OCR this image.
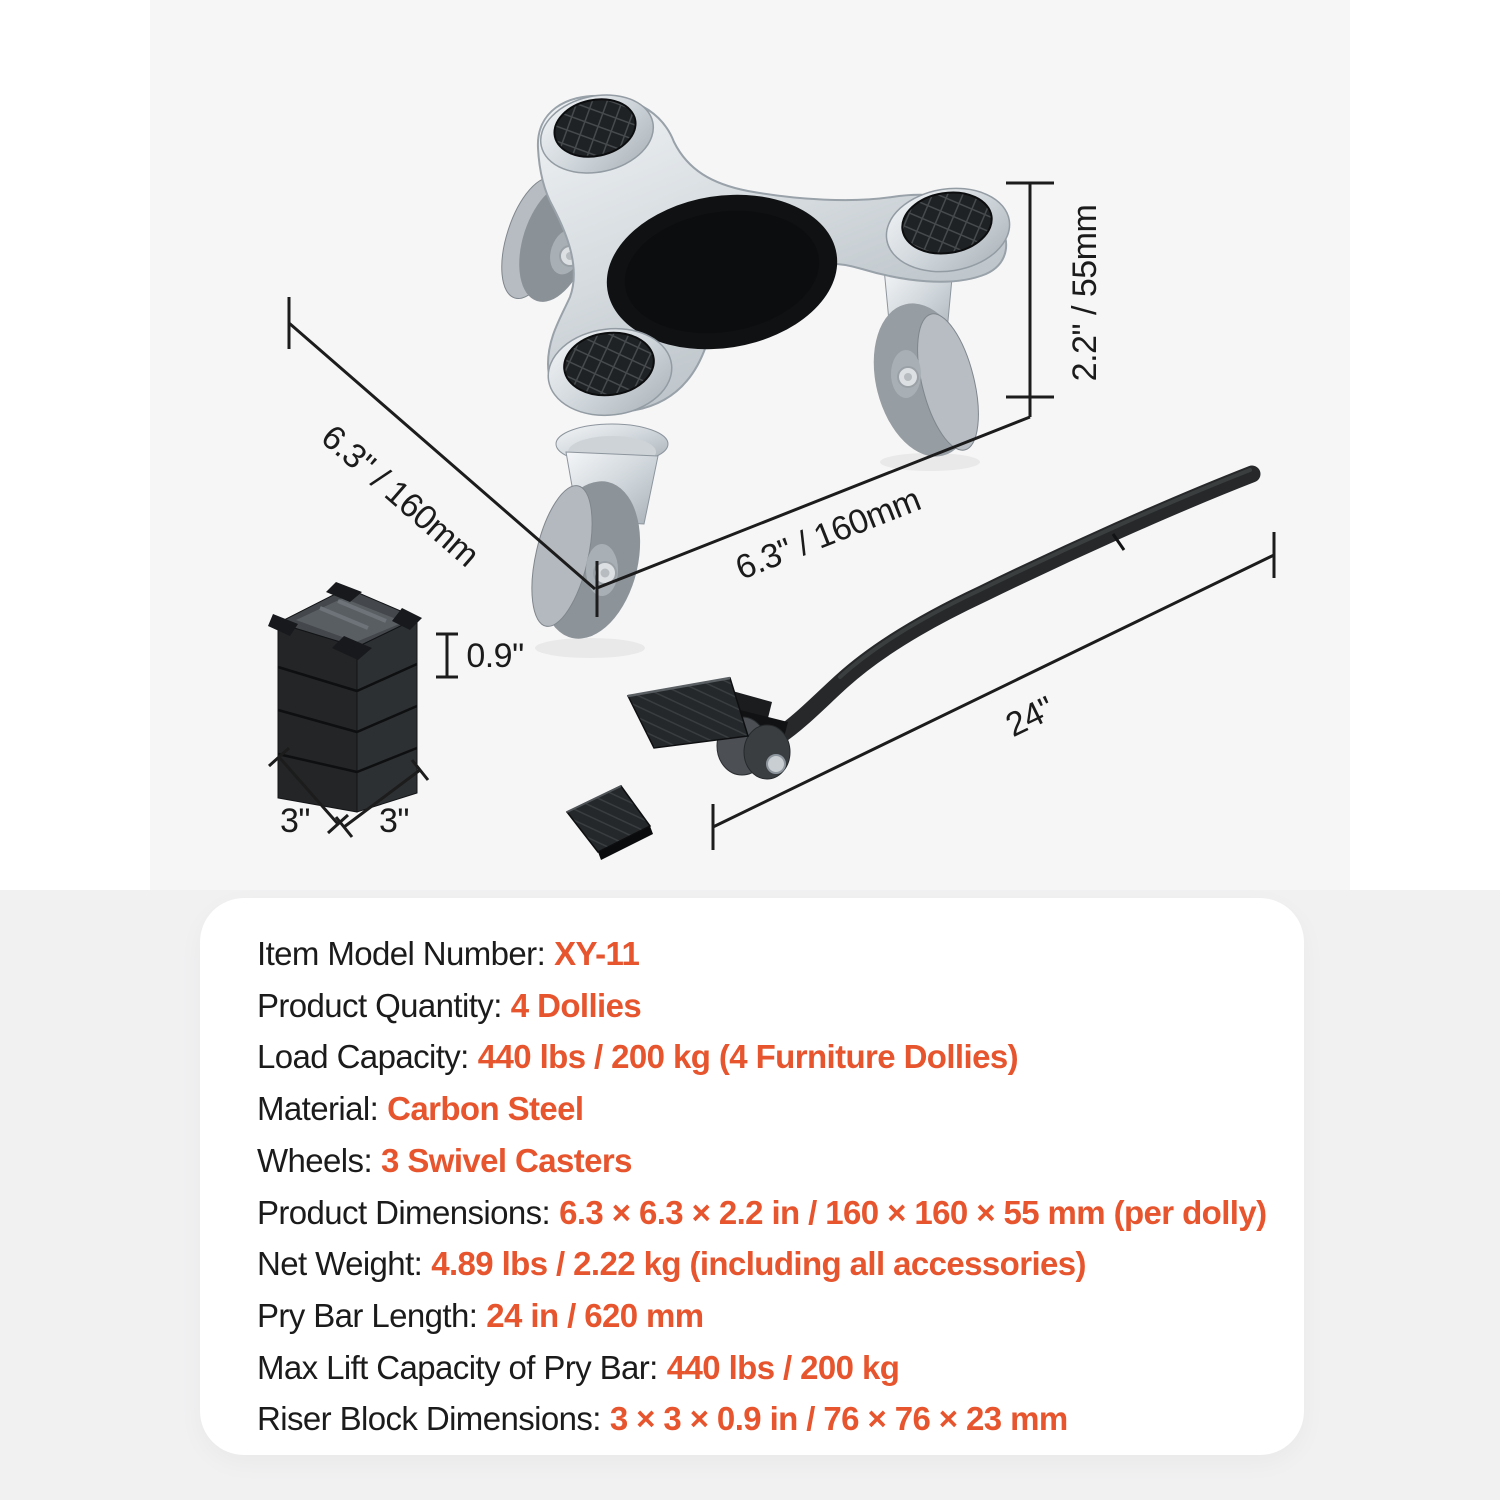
2.2" / 55mm
6.3" / 160mm	6.3" / 160mm
0.9"
3" 3"
24"
Item Model Number: XY-11
Product Quantity: 4 Dollies
Load Capacity: 440 lbs / 200 kg (4 Furniture Dollies)
Material: Carbon Steel
Wheels: 3 Swivel Casters
Product Dimensions: 6.3 × 6.3 × 2.2 in / 160 × 160 × 55 mm (per dolly)
Net Weight: 4.89 lbs / 2.22 kg (including all accessories)
Pry Bar Length: 24 in / 620 mm
Max Lift Capacity of Pry Bar: 440 lbs / 200 kg
Riser Block Dimensions: 3 × 3 × 0.9 in / 76 × 76 × 23 mm
